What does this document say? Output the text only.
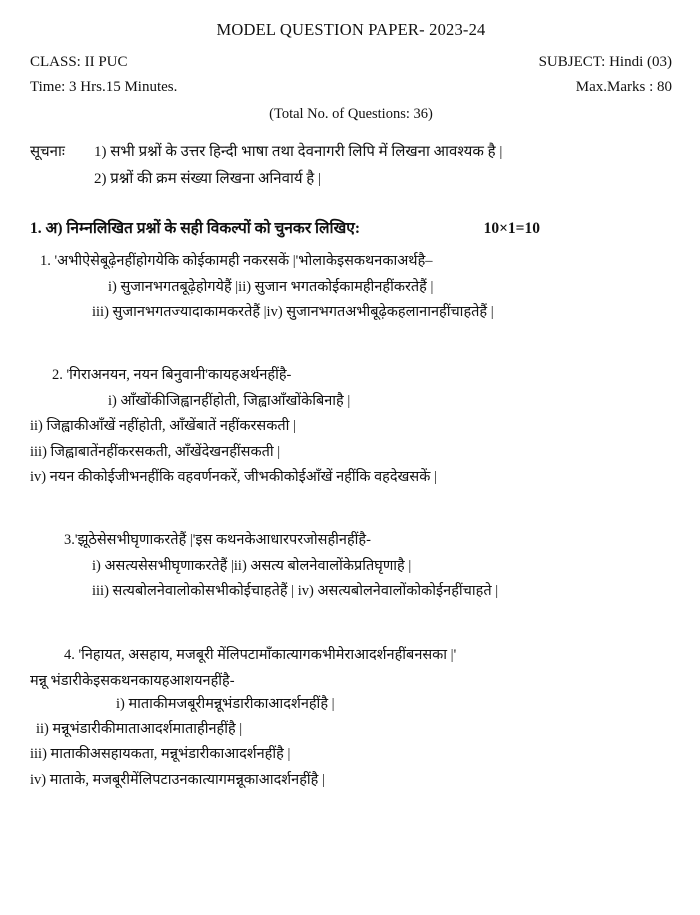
MODEL QUESTION PAPER- 2023-24
CLASS: II PUC	SUBJECT: Hindi (03)
Time: 3 Hrs.15 Minutes.	Max.Marks : 80
(Total No. of Questions: 36)
सूचनाः 1) सभी प्रश्नों के उत्तर हिन्दी भाषा तथा देवनागरी लिपि में लिखना आवश्यक है |
2) प्रश्नों की क्रम संख्या लिखना अनिवार्य है |
1. अ) निम्नलिखित प्रश्नों के सही विकल्पों को चुनकर लिखिए:	10×1=10
1. 'अभीऐसेबूढ़ेनहींहोगयेकि कोईकामही नकरसकें |'भोलाकेइसकथनकाअर्थहै–
i) सुजानभगतबूढ़ेहोगयेहैं |ii) सुजान भगतकोईकामहीनहींकरतेहैं |
iii) सुजानभगतज्यादाकामकरतेहैं |iv) सुजानभगतअभीबूढ़ेकहलानानहींचाहतेहैं |
2. 'गिराअनयन, नयन बिनुवानी'कायहअर्थनहींहै-
i) ऑंखोंकीजिह्वानहींहोती, जिह्वाऑंखोंकेबिनाहै |
ii) जिह्वाकीऑंखें नहींहोती, ऑंखेंबातें नहींकरसकती |
iii) जिह्वाबातेंनहींकरसकती, ऑंखेंदेखनहींसकती |
iv) नयन कीकोईजीभनहींकि वहवर्णनकरें, जीभकीकोईऑंखें नहींकि वहदेखसकें |
3.'झूठेसेसभीघृणाकरतेहैं |'इस कथनकेआधारपरजोसहीनहींहै-
i) असत्यसेसभीघृणाकरतेहैं |ii) असत्य बोलनेवालोंकेप्रतिघृणाहै |
iii) सत्यबोलनेवालोकोसभीकोईचाहतेहैं | iv) असत्यबोलनेवालोंकोकोईनहींचाहते |
4. 'निहायत, असहाय, मजबूरी मेंलिपटामाँकात्यागकभीमेराआदर्शनहींबनसका |'
मन्नू भंडारीकेइसकथनकायहआशयनहींहै-
i) माताकीमजबूरीमन्नूभंडारीकाआदर्शनहींहै |
ii) मन्नूभंडारीकीमाताआदर्शमाताहीनहींहै |
iii) माताकीअसहायकता, मन्नूभंडारीकाआदर्शनहींहै |
iv) माताके, मजबूरीमेंलिपटाउनकात्यागमन्नूकाआदर्शनहींहै |
